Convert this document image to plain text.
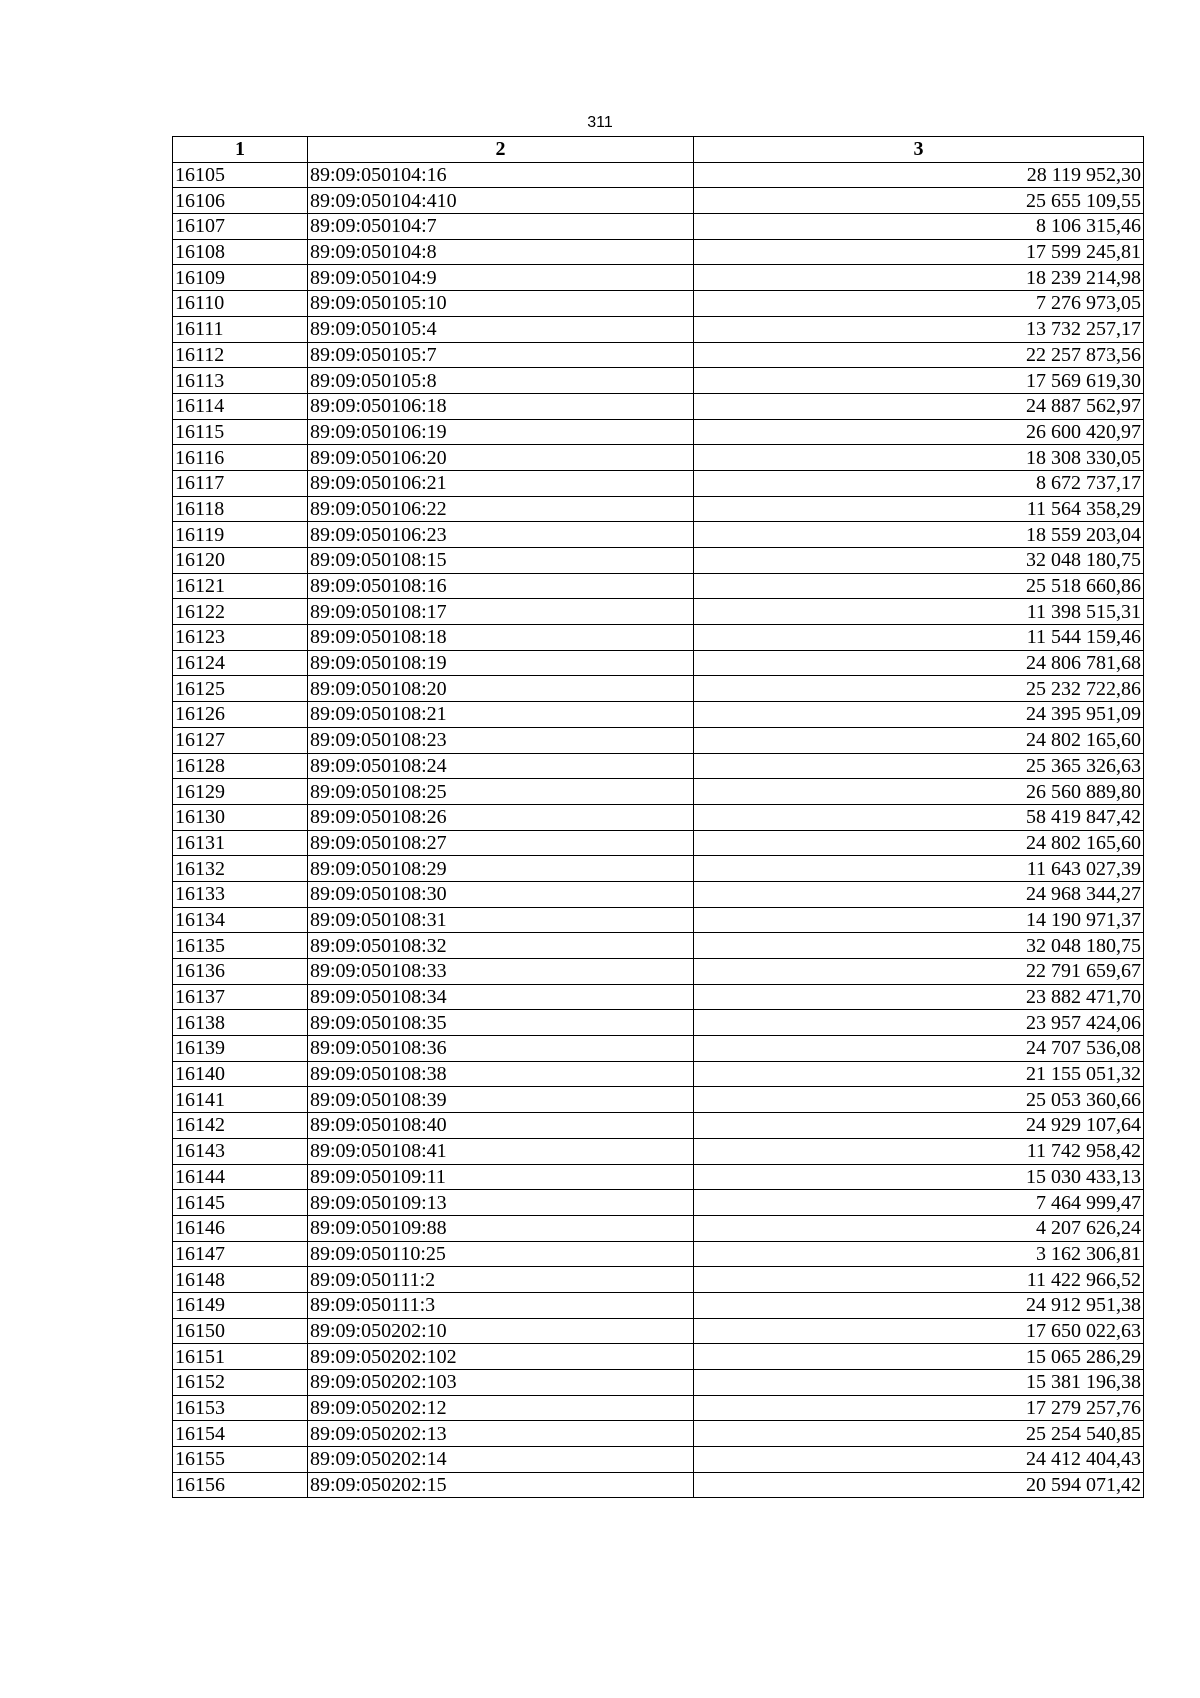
311
1	2	3
16105	89:09:050104:16	28 119 952,30
16106	89:09:050104:410	25 655 109,55
16107	89:09:050104:7	8 106 315,46
16108	89:09:050104:8	17 599 245,81
16109	89:09:050104:9	18 239 214,98
16110	89:09:050105:10	7 276 973,05
16111	89:09:050105:4	13 732 257,17
16112	89:09:050105:7	22 257 873,56
16113	89:09:050105:8	17 569 619,30
16114	89:09:050106:18	24 887 562,97
16115	89:09:050106:19	26 600 420,97
16116	89:09:050106:20	18 308 330,05
16117	89:09:050106:21	8 672 737,17
16118	89:09:050106:22	11 564 358,29
16119	89:09:050106:23	18 559 203,04
16120	89:09:050108:15	32 048 180,75
16121	89:09:050108:16	25 518 660,86
16122	89:09:050108:17	11 398 515,31
16123	89:09:050108:18	11 544 159,46
16124	89:09:050108:19	24 806 781,68
16125	89:09:050108:20	25 232 722,86
16126	89:09:050108:21	24 395 951,09
16127	89:09:050108:23	24 802 165,60
16128	89:09:050108:24	25 365 326,63
16129	89:09:050108:25	26 560 889,80
16130	89:09:050108:26	58 419 847,42
16131	89:09:050108:27	24 802 165,60
16132	89:09:050108:29	11 643 027,39
16133	89:09:050108:30	24 968 344,27
16134	89:09:050108:31	14 190 971,37
16135	89:09:050108:32	32 048 180,75
16136	89:09:050108:33	22 791 659,67
16137	89:09:050108:34	23 882 471,70
16138	89:09:050108:35	23 957 424,06
16139	89:09:050108:36	24 707 536,08
16140	89:09:050108:38	21 155 051,32
16141	89:09:050108:39	25 053 360,66
16142	89:09:050108:40	24 929 107,64
16143	89:09:050108:41	11 742 958,42
16144	89:09:050109:11	15 030 433,13
16145	89:09:050109:13	7 464 999,47
16146	89:09:050109:88	4 207 626,24
16147	89:09:050110:25	3 162 306,81
16148	89:09:050111:2	11 422 966,52
16149	89:09:050111:3	24 912 951,38
16150	89:09:050202:10	17 650 022,63
16151	89:09:050202:102	15 065 286,29
16152	89:09:050202:103	15 381 196,38
16153	89:09:050202:12	17 279 257,76
16154	89:09:050202:13	25 254 540,85
16155	89:09:050202:14	24 412 404,43
16156	89:09:050202:15	20 594 071,42
